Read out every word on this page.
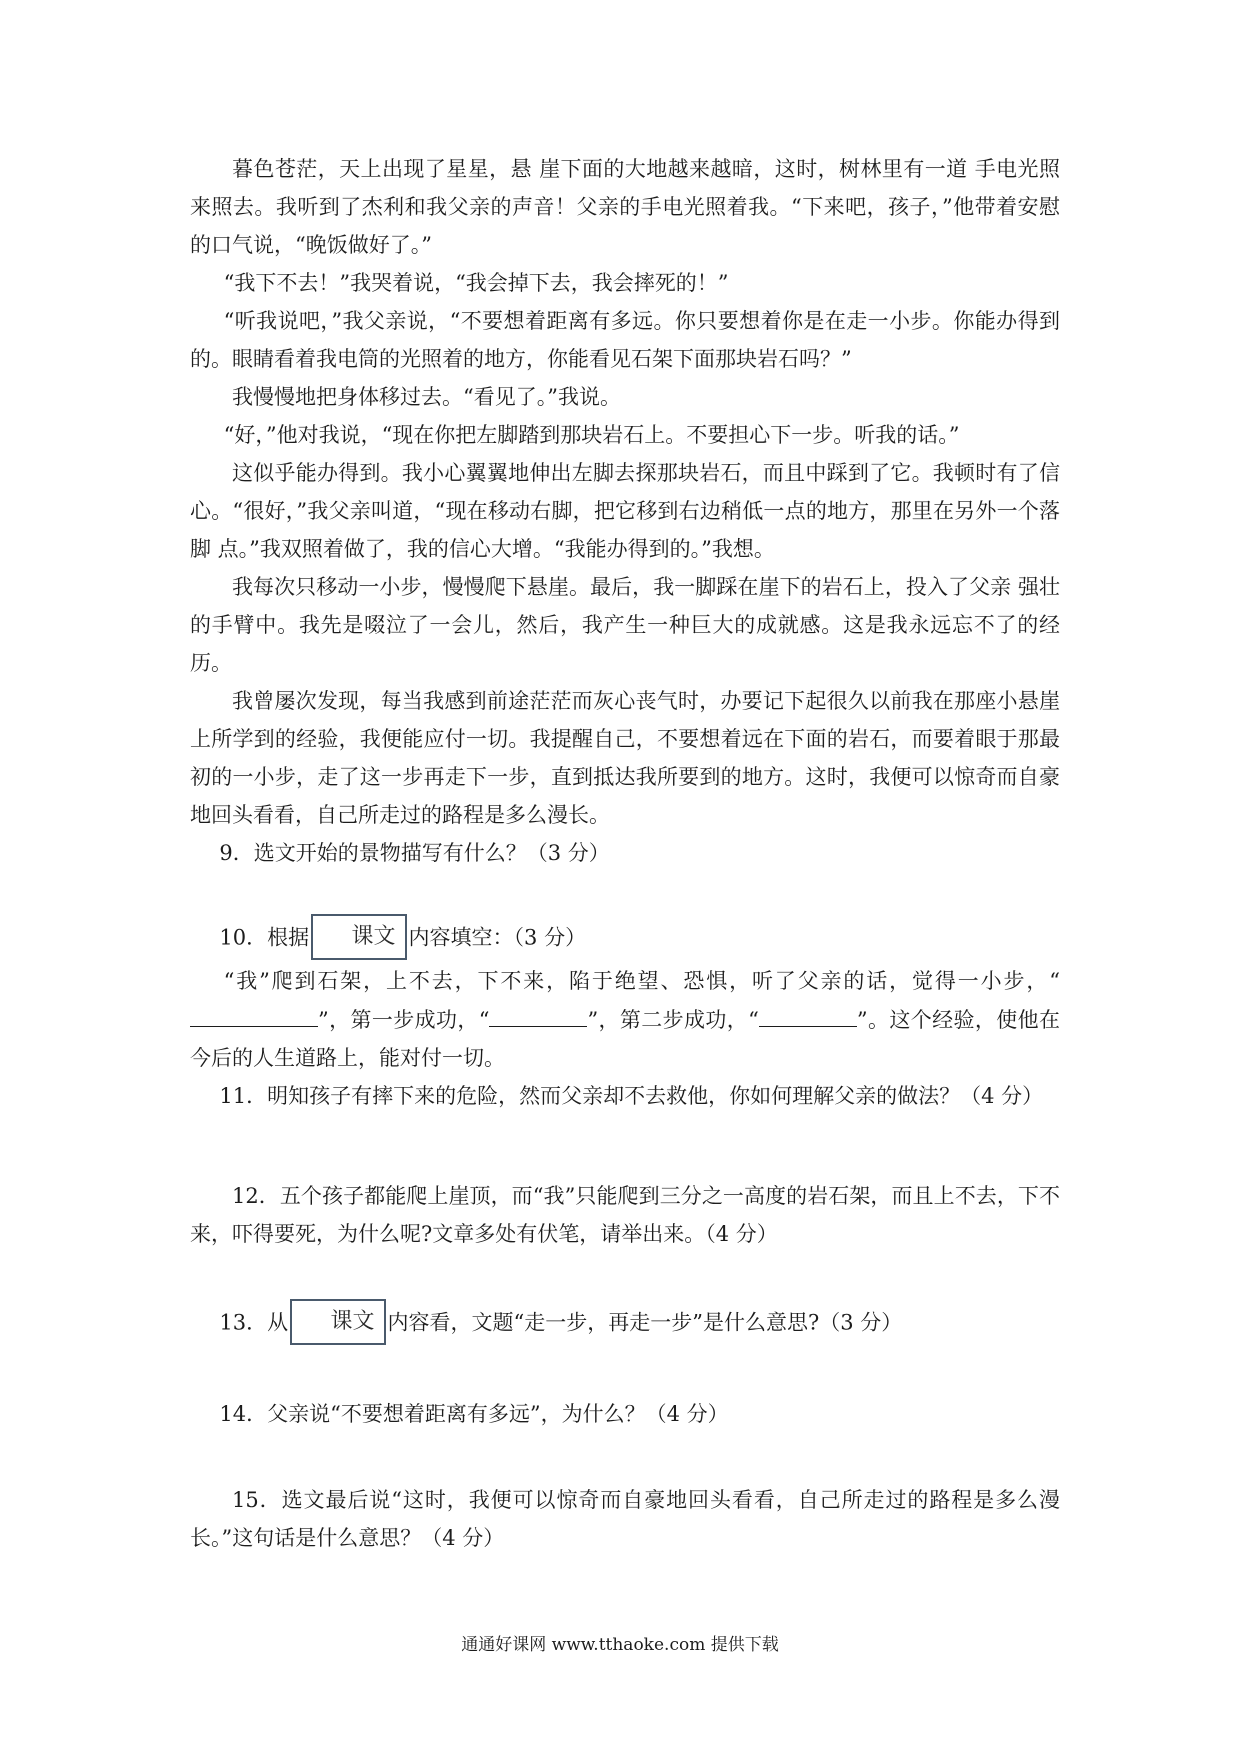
暮色苍茫，天上出现了星星，悬 崖下面的大地越来越暗，这时，树林里有一道 手电光照来照去。我听到了杰利和我父亲的声音！父亲的手电光照着我。“下来吧，孩子，”他带着安慰的口气说，“晚饭做好了。”

“我下不去！”我哭着说，“我会掉下去，我会摔死的！”

“听我说吧，”我父亲说，“不要想着距离有多远。你只要想着你是在走一小步。你能办得到的。眼睛看着我电筒的光照着的地方，你能看见石架下面那块岩石吗？”

我慢慢地把身体移过去。“看见了。”我说。

“好，”他对我说，“现在你把左脚踏到那块岩石上。不要担心下一步。听我的话。”

这似乎能办得到。我小心翼翼地伸出左脚去探那块岩石，而且中踩到了它。我顿时有了信心。“很好，”我父亲叫道，“现在移动右脚，把它移到右边稍低一点的地方，那里在另外一个落脚 点。”我双照着做了，我的信心大增。“我能办得到的。”我想。

我每次只移动一小步，慢慢爬下悬崖。最后，我一脚踩在崖下的岩石上，投入了父亲 强壮的手臂中。我先是啜泣了一会儿，然后，我产生一种巨大的成就感。这是我永远忘不了的经历。

我曾屡次发现，每当我感到前途茫茫而灰心丧气时，办要记下起很久以前我在那座小悬崖上所学到的经验，我便能应付一切。我提醒自己，不要想着远在下面的岩石，而要着眼于那最初的一小步，走了这一步再走下一步，直到抵达我所要到的地方。这时，我便可以惊奇而自豪地回头看看，自己所走过的路程是多么漫长。

9．选文开始的景物描写有什么？（3 分）

10．根据 课文 内容填空：（3 分）

“我”爬到石架，上不去，下不来，陷于绝望、恐惧，听了父亲的话，觉得一小步，“”，第一步成功，“	”，第二步成功，“	”。这个经验，使他在今后的人生道路上，能对付一切。

11．明知孩子有摔下来的危险，然而父亲却不去救他，你如何理解父亲的做法？（4 分）

12．五个孩子都能爬上崖顶，而“我”只能爬到三分之一高度的岩石架，而且上不去，下不来，吓得要死，为什么呢?文章多处有伏笔，请举出来。（4 分）

13．从 课文 内容看，文题“走一步，再走一步”是什么意思?（3 分）

14．父亲说“不要想着距离有多远”，为什么？（4 分）

15．选文最后说“这时，我便可以惊奇而自豪地回头看看，自己所走过的路程是多么漫长。”这句话是什么意思？（4 分）

通通好课网 www.tthaoke.com 提供下载
